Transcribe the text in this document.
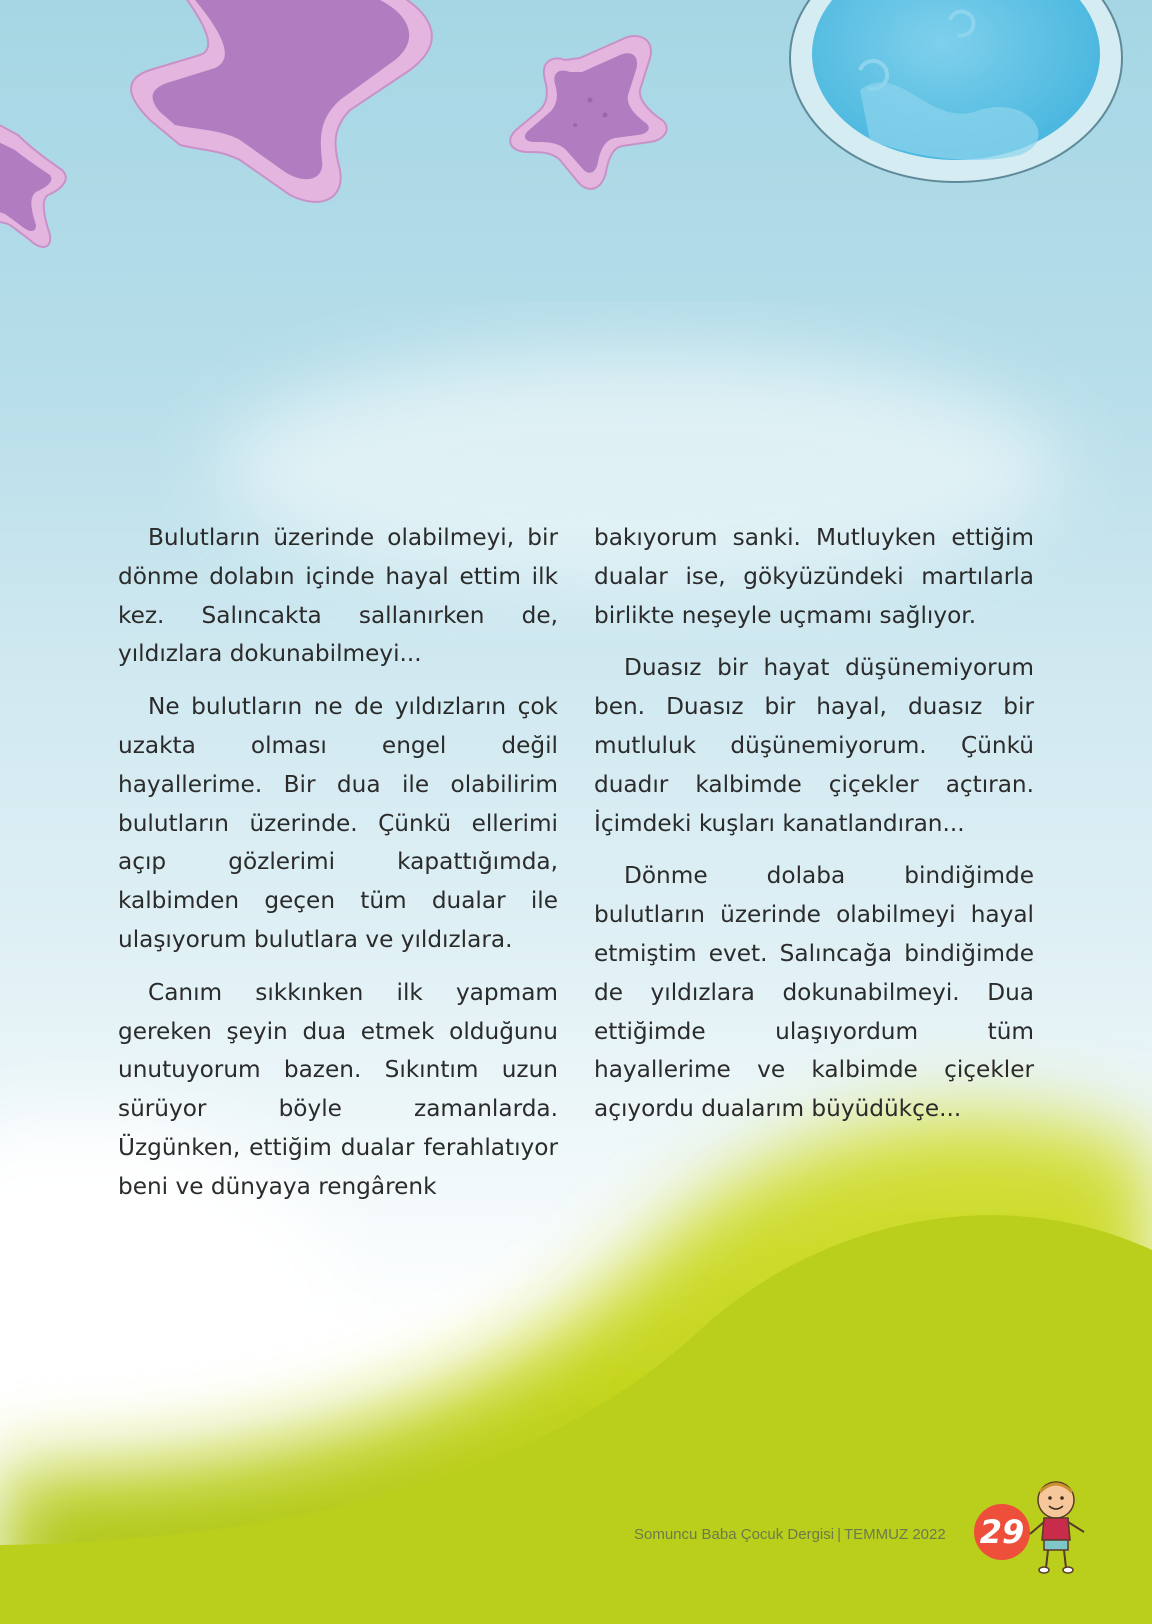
Bulutların üzerinde olabilmeyi, bir dönme dolabın içinde hayal ettim ilk kez. Salıncakta sallanırken de, yıldızlara dokunabilmeyi...

Ne bulutların ne de yıldızların çok uzakta olması engel değil hayallerime. Bir dua ile olabilirim bulutların üzerinde. Çünkü ellerimi açıp gözlerimi kapattığımda, kalbimden geçen tüm dualar ile ulaşıyorum bulutlara ve yıldızlara.

Canım sıkkınken ilk yapmam gereken şeyin dua etmek olduğunu unutuyorum bazen. Sıkıntım uzun sürüyor böyle zamanlarda. Üzgünken, ettiğim dualar ferahlatıyor beni ve dünyaya rengârenk

bakıyorum sanki. Mutluyken ettiğim dualar ise, gökyüzündeki martılarla birlikte neşeyle uçmamı sağlıyor.

Duasız bir hayat düşünemiyorum ben. Duasız bir hayal, duasız bir mutluluk düşünemiyorum. Çünkü duadır kalbimde çiçekler açtıran. İçimdeki kuşları kanatlandıran...

Dönme dolaba bindiğimde bulutların üzerinde olabilmeyi hayal etmiştim evet. Salıncağa bindiğimde de yıldızlara dokunabilmeyi. Dua ettiğimde ulaşıyordum tüm hayallerime ve kalbimde çiçekler açıyordu dualarım büyüdükçe...

Somuncu Baba Çocuk Dergisi | TEMMUZ 2022 29
